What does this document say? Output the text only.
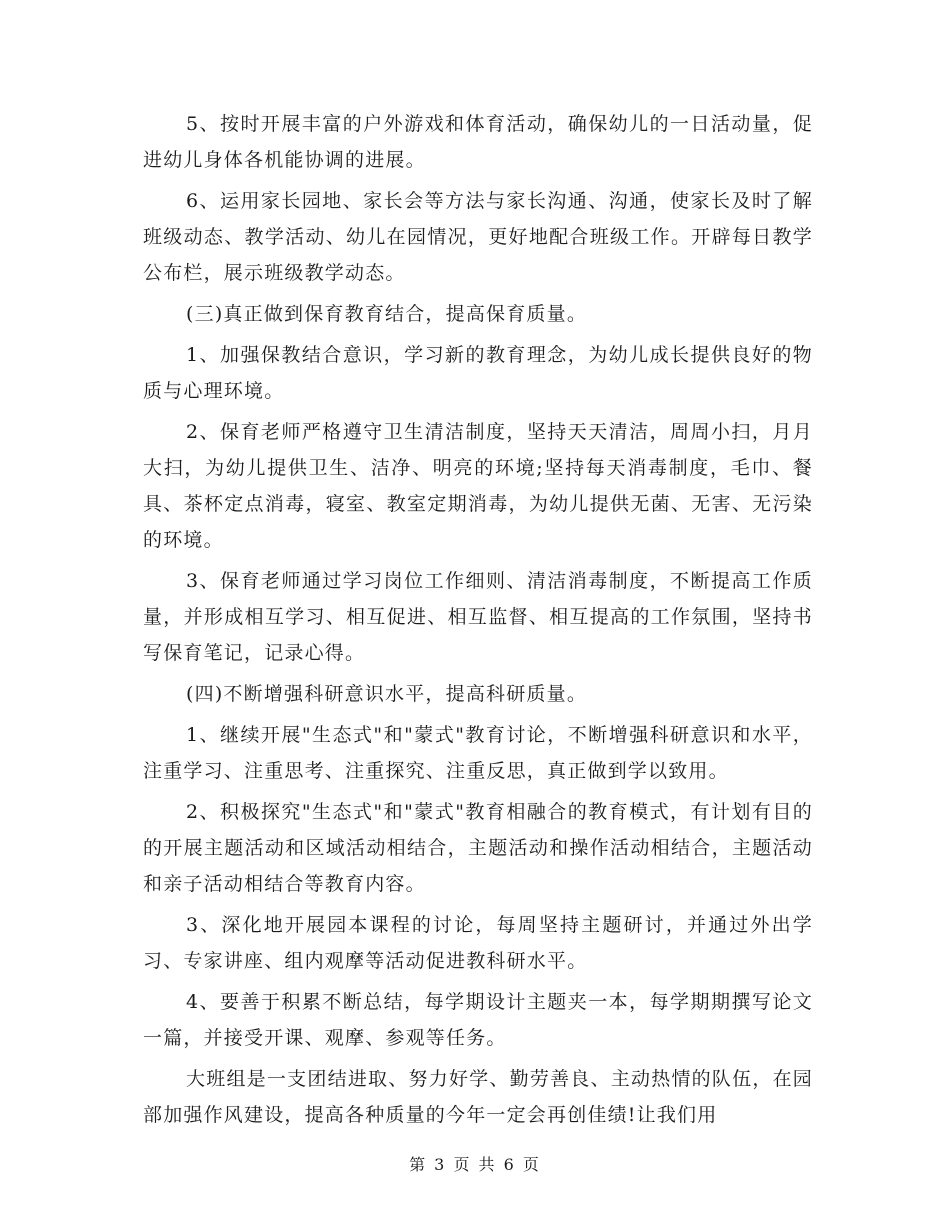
5、按时开展丰富的户外游戏和体育活动，确保幼儿的一日活动量，促进幼儿身体各机能协调的进展。

6、运用家长园地、家长会等方法与家长沟通、沟通，使家长及时了解班级动态、教学活动、幼儿在园情况，更好地配合班级工作。开辟每日教学公布栏，展示班级教学动态。

(三)真正做到保育教育结合，提高保育质量。

1、加强保教结合意识，学习新的教育理念，为幼儿成长提供良好的物质与心理环境。

2、保育老师严格遵守卫生清洁制度，坚持天天清洁，周周小扫，月月大扫，为幼儿提供卫生、洁净、明亮的环境;坚持每天消毒制度，毛巾、餐具、茶杯定点消毒，寝室、教室定期消毒，为幼儿提供无菌、无害、无污染的环境。

3、保育老师通过学习岗位工作细则、清洁消毒制度，不断提高工作质量，并形成相互学习、相互促进、相互监督、相互提高的工作氛围，坚持书写保育笔记，记录心得。

(四)不断增强科研意识水平，提高科研质量。

1、继续开展"生态式"和"蒙式"教育讨论，不断增强科研意识和水平，注重学习、注重思考、注重探究、注重反思，真正做到学以致用。

2、积极探究"生态式"和"蒙式"教育相融合的教育模式，有计划有目的的开展主题活动和区域活动相结合，主题活动和操作活动相结合，主题活动和亲子活动相结合等教育内容。

3、深化地开展园本课程的讨论，每周坚持主题研讨，并通过外出学习、专家讲座、组内观摩等活动促进教科研水平。

4、要善于积累不断总结，每学期设计主题夹一本，每学期期撰写论文一篇，并接受开课、观摩、参观等任务。

大班组是一支团结进取、努力好学、勤劳善良、主动热情的队伍，在园部加强作风建设，提高各种质量的今年一定会再创佳绩!让我们用

第 3 页 共 6 页
